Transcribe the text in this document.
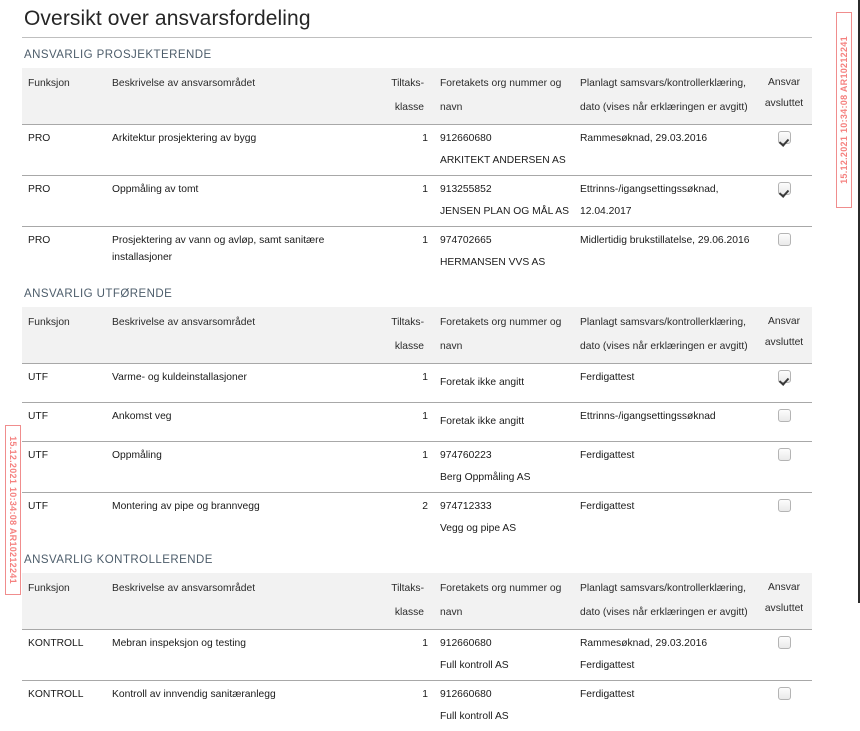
Oversikt over ansvarsfordeling
ANSVARLIG PROSJEKTERENDE
Funksjon	Beskrivelse av ansvarsområdet	Tiltaks-
klasse	Foretakets org nummer og
navn	Planlagt samsvars/kontrollerklæring,
dato (vises når erklæringen er avgitt)	Ansvar
avsluttet

PRO	Arkitektur prosjektering av bygg	1	912660680
ARKITEKT ANDERSEN AS	Rammesøknad, 29.03.2016	
PRO	Oppmåling av tomt	1	913255852
JENSEN PLAN OG MÅL AS	Ettrinns-/igangsettingssøknad,
12.04.2017	

PRO	Prosjektering av vann og avløp, samt sanitære installasjoner	1	974702665
HERMANSEN VVS AS	Midlertidig brukstillatelse, 29.06.2016	
ANSVARLIG UTFØRENDE
Funksjon	Beskrivelse av ansvarsområdet	Tiltaks-
klasse	Foretakets org nummer og
navn	Planlagt samsvars/kontrollerklæring,
dato (vises når erklæringen er avgitt)	Ansvar
avsluttet

UTF	Varme- og kuldeinstallasjoner	1	Foretak ikke angitt	Ferdigattest	
UTF	Ankomst veg	1	Foretak ikke angitt	Ettrinns-/igangsettingssøknad	
UTF	Oppmåling	1	974760223
Berg Oppmåling AS	Ferdigattest	
UTF	Montering av pipe og brannvegg	2	974712333
Vegg og pipe AS	Ferdigattest	
ANSVARLIG KONTROLLERENDE
Funksjon	Beskrivelse av ansvarsområdet	Tiltaks-
klasse	Foretakets org nummer og
navn	Planlagt samsvars/kontrollerklæring,
dato (vises når erklæringen er avgitt)	Ansvar
avsluttet

KONTROLL	Mebran inspeksjon og testing	1	912660680
Full kontroll AS	Rammesøknad, 29.03.2016
Ferdigattest	

KONTROLL	Kontroll av innvendig sanitæranlegg	1	912660680
Full kontroll AS	Ferdigattest	
15.12.2021 10:34:08 AR10212241
15.12.2021 10:34:08 AR10212241
